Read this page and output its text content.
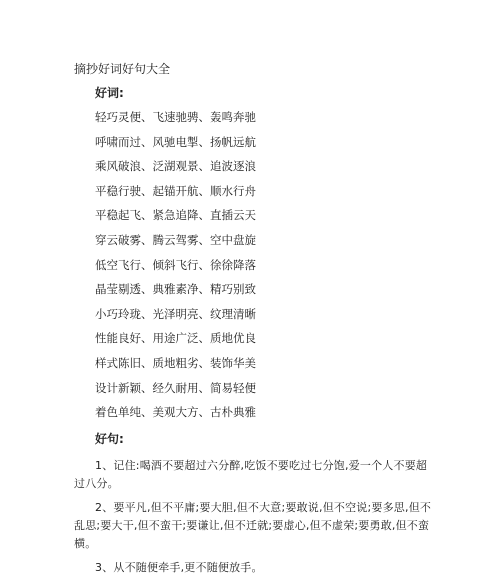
摘抄好词好句大全
好词:
轻巧灵便、飞速驰骋、轰鸣奔驰
呼啸而过、风驰电掣、扬帆远航
乘风破浪、泛湖观景、追波逐浪
平稳行驶、起锚开航、顺水行舟
平稳起飞、紧急追降、直插云天
穿云破雾、腾云驾雾、空中盘旋
低空飞行、倾斜飞行、徐徐降落
晶莹剔透、典雅素净、精巧别致
小巧玲珑、光泽明亮、纹理清晰
性能良好、用途广泛、质地优良
样式陈旧、质地粗劣、装饰华美
设计新颖、经久耐用、简易轻便
着色单纯、美观大方、古朴典雅
好句:
1、记住:喝酒不要超过六分醉,吃饭不要吃过七分饱,爱一个人不要超过八分。
2、要平凡,但不平庸;要大胆,但不大意;要敢说,但不空说;要多思,但不乱思;要大干,但不蛮干;要谦让,但不迁就;要虚心,但不虚荣;要勇敢,但不蛮横。
3、从不随便牵手,更不随便放手。
